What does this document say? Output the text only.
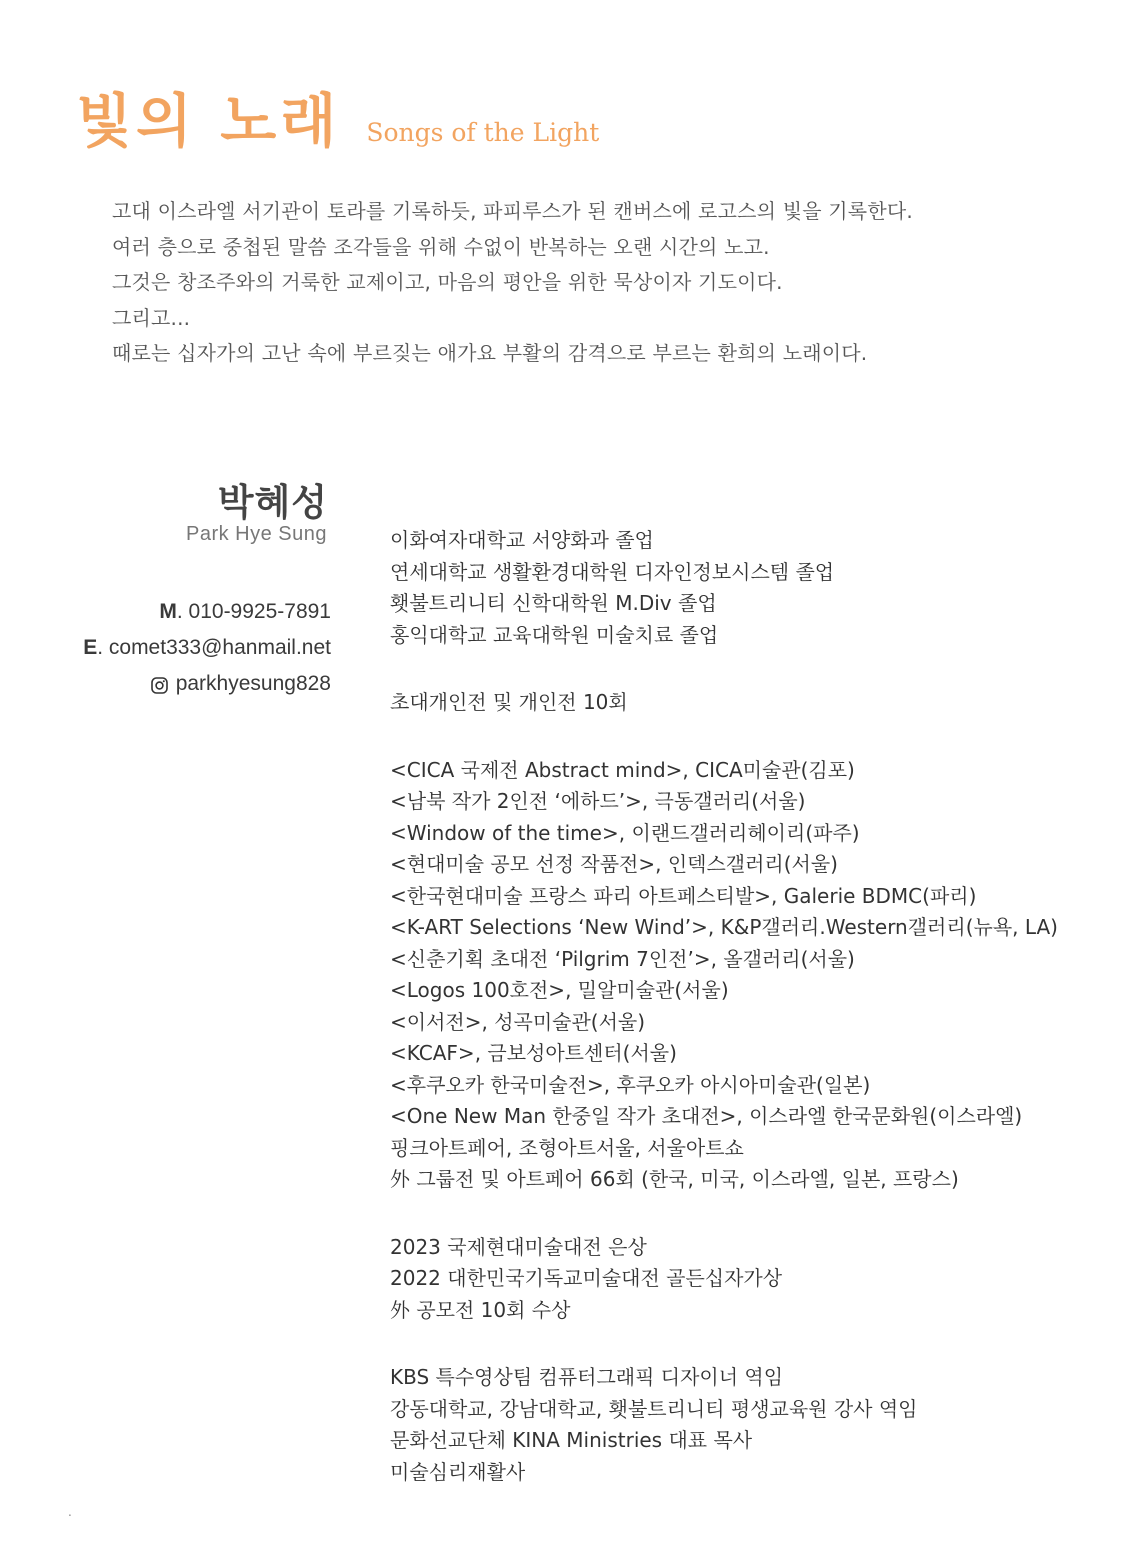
빛의 노래 Songs of the Light
고대 이스라엘 서기관이 토라를 기록하듯, 파피루스가 된 캔버스에 로고스의 빛을 기록한다.
여러 층으로 중첩된 말씀 조각들을 위해 수없이 반복하는 오랜 시간의 노고.
그것은 창조주와의 거룩한 교제이고, 마음의 평안을 위한 묵상이자 기도이다.
그리고...
때로는 십자가의 고난 속에 부르짖는 애가요 부활의 감격으로 부르는 환희의 노래이다.
박혜성
Park Hye Sung
M . 010-9925-7891
E . comet333@hanmail.net
parkhyesung828
이화여자대학교 서양화과 졸업
연세대학교 생활환경대학원 디자인정보시스템 졸업
횃불트리니티 신학대학원 M.Div 졸업
홍익대학교 교육대학원 미술치료 졸업
초대개인전 및 개인전 10회
<CICA 국제전 Abstract mind>, CICA미술관(김포)
<남북 작가 2인전 ‘에하드’>, 극동갤러리(서울)
<Window of the time>, 이랜드갤러리헤이리(파주)
<현대미술 공모 선정 작품전>, 인덱스갤러리(서울)
<한국현대미술 프랑스 파리 아트페스티발>, Galerie BDMC(파리)
<K-ART Selections ‘New Wind’>, K&P갤러리.Western갤러리(뉴욕, LA)
<신춘기획 초대전 ‘Pilgrim 7인전’>, 올갤러리(서울)
<Logos 100호전>, 밀알미술관(서울)
<이서전>, 성곡미술관(서울)
<KCAF>, 금보성아트센터(서울)
<후쿠오카 한국미술전>, 후쿠오카 아시아미술관(일본)
<One New Man 한중일 작가 초대전>, 이스라엘 한국문화원(이스라엘)
핑크아트페어, 조형아트서울, 서울아트쇼
外 그룹전 및 아트페어 66회 (한국, 미국, 이스라엘, 일본, 프랑스)
2023 국제현대미술대전 은상
2022 대한민국기독교미술대전 골든십자가상
外 공모전 10회 수상
KBS 특수영상팀 컴퓨터그래픽 디자이너 역임
강동대학교, 강남대학교, 횃불트리니티 평생교육원 강사 역임
문화선교단체 KINA Ministries 대표 목사
미술심리재활사
.
